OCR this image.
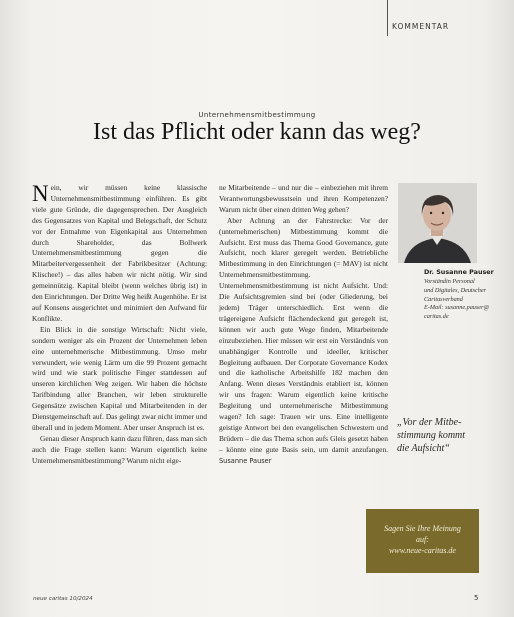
KOMMENTAR
Unternehmensmitbestimmung
Ist das Pflicht oder kann das weg?

Nein, wir müssen keine klassische Unternehmensmitbestimmung einführen. Es gibt viele gute Gründe, die dagegensprechen. Der Ausgleich des Gegensatzes von Kapital und Belegschaft, der Schutz vor der Entnahme von Eigenkapital aus Unternehmen durch Shareholder, das Bollwerk Unternehmensmitbestimmung gegen die Mitarbeitervergessenheit der Fabrikbesitzer (Achtung: Klischee!) – das alles haben wir nicht nötig. Wir sind gemeinnützig. Kapital bleibt (wenn welches übrig ist) in den Einrichtungen. Der Dritte Weg heißt Augenhöhe. Er ist auf Konsens ausgerichtet und minimiert den Aufwand für Konflikte.

Ein Blick in die sonstige Wirtschaft: Nicht viele, sondern weniger als ein Prozent der Unternehmen leben eine unternehmerische Mitbestimmung. Umso mehr verwundert, wie wenig Lärm um die 99 Prozent gemacht wird und wie stark politische Finger stattdessen auf unseren kirchlichen Weg zeigen. Wir haben die höchste Tarifbindung aller Branchen, wir leben strukturelle Gegensätze zwischen Kapital und Mitarbeitenden in der Dienstgemeinschaft auf. Das gelingt zwar nicht immer und überall und in jedem Moment. Aber unser Anspruch ist es.

Genau dieser Anspruch kann dazu führen, dass man sich auch die Frage stellen kann: Warum eigentlich keine Unternehmensmitbestimmung? Warum nicht eige-

ne Mitarbeitende – und nur die – einbeziehen mit ihrem Verantwortungsbewusstsein und ihren Kompetenzen? Warum nicht über einen dritten Weg gehen?

Aber Achtung an der Fahrstrecke: Vor der (unternehmerischen) Mitbestimmung kommt die Aufsicht. Erst muss das Thema Good Governance, gute Aufsicht, noch klarer geregelt werden. Betriebliche Mitbestimmung in den Einrichtungen (= MAV) ist nicht Unternehmensmitbestimmung. Unternehmensmitbestimmung ist nicht Aufsicht. Und: Die Aufsichtsgremien sind bei (oder Gliederung, bei jedem) Träger unterschiedlich. Erst wenn die trägereigene Aufsicht flächendeckend gut geregelt ist, können wir auch gute Wege finden, Mitarbeitende einzubeziehen. Hier müssen wir erst ein Verständnis von unabhängiger Kontrolle und ideeller, kritischer Begleitung aufbauen. Der Corporate Governance Kodex und die katholische Arbeitshilfe 182 machen den Anfang. Wenn dieses Verständnis etabliert ist, können wir uns fragen: Warum eigentlich keine kritische Begleitung und unternehmerische Mitbestimmung wagen? Ich sage: Trauen wir uns. Eine intelligente geistige Antwort bei den evangelischen Schwestern und Brüdern – die das Thema schon aufs Gleis gesetzt haben – könnte eine gute Basis sein, um damit anzufangen. Susanne Pauser

Dr. Susanne Pauser
Vorständin Personal
und Digitales, Deutscher
Caritasverband
E-Mail: susanne.pauser@
caritas.de
„Vor der Mitbe-
stimmung kommt
die Aufsicht“
Sagen Sie Ihre Meinung
auf:
www.neue-caritas.de
neue caritas 10/2024	5
